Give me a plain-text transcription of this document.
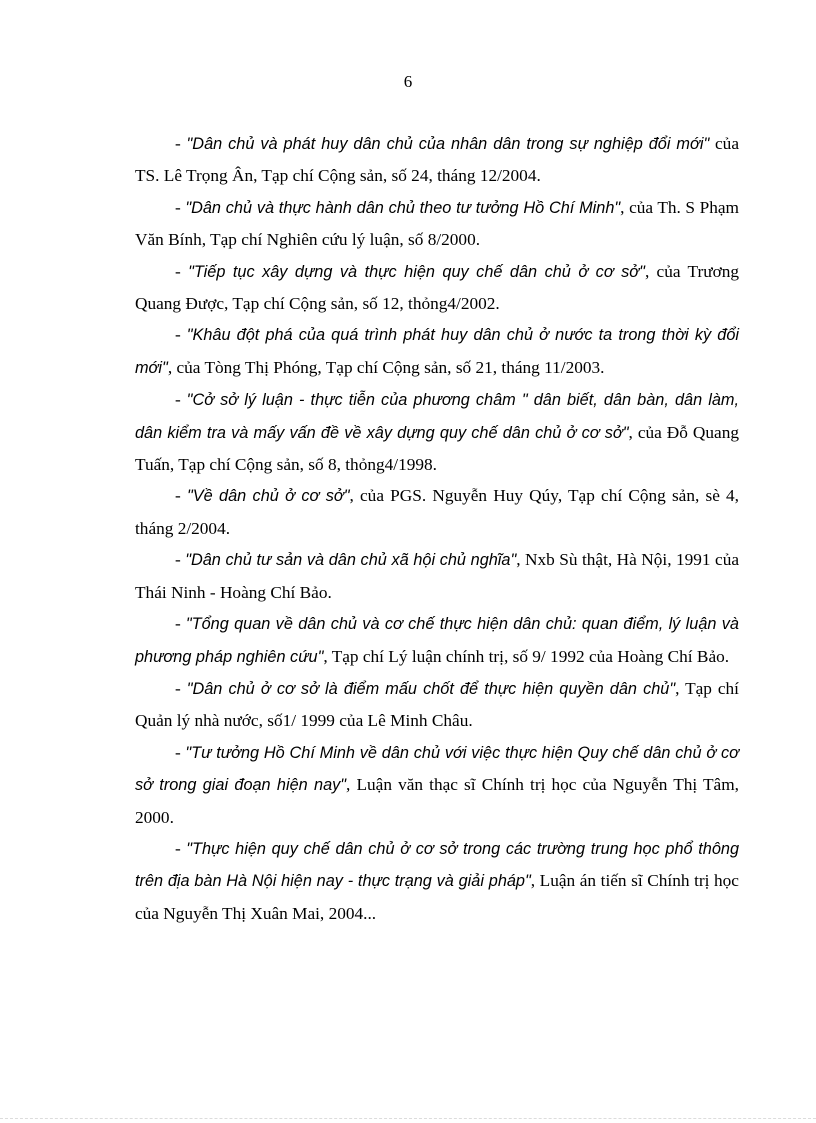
6

- "Dân chủ và phát huy dân chủ của nhân dân trong sự nghiệp đổi mới" của TS. Lê Trọng Ân, Tạp chí Cộng sản, số 24, tháng 12/2004.

- "Dân chủ và thực hành dân chủ theo tư tưởng Hồ Chí Minh", của Th. S Phạm Văn Bính, Tạp chí Nghiên cứu lý luận, số 8/2000.

- "Tiếp tục xây dựng và thực hiện quy chế dân chủ ở cơ sở", của Trương Quang Được, Tạp chí Cộng sản, số 12, thỏng4/2002.

- "Khâu đột phá của quá trình phát huy dân chủ ở nước ta trong thời kỳ đổi mới", của Tòng Thị Phóng, Tạp chí Cộng sản, số 21, tháng 11/2003.

- "Cở sở lý luận - thực tiễn của phương châm " dân biết, dân bàn, dân làm, dân kiểm tra và mấy vấn đề về xây dựng quy chế dân chủ ở cơ sở", của Đỗ Quang Tuấn, Tạp chí Cộng sản, số 8, thỏng4/1998.

- "Về dân chủ ở cơ sở", của PGS. Nguyễn Huy Qúy, Tạp chí Cộng sản, sè 4, tháng 2/2004.

- "Dân chủ tư sản và dân chủ xã hội chủ nghĩa", Nxb Sù thật, Hà Nội, 1991 của Thái Ninh - Hoàng Chí Bảo.

- "Tổng quan về dân chủ và cơ chế thực hiện dân chủ: quan điểm, lý luận và phương pháp nghiên cứu", Tạp chí Lý luận chính trị, số 9/ 1992 của Hoàng Chí Bảo.

- "Dân chủ ở cơ sở là điểm mấu chốt để thực hiện quyền dân chủ", Tạp chí Quản lý nhà nước, số1/ 1999 của Lê Minh Châu.

- "Tư tưởng Hồ Chí Minh về dân chủ với việc thực hiện Quy chế dân chủ ở cơ sở trong giai đoạn hiện nay", Luận văn thạc sĩ Chính trị học của Nguyễn Thị Tâm, 2000.

- "Thực hiện quy chế dân chủ ở cơ sở trong các trường trung học phổ thông trên địa bàn Hà Nội hiện nay - thực trạng và giải pháp", Luận án tiến sĩ Chính trị học của Nguyễn Thị Xuân Mai, 2004...
